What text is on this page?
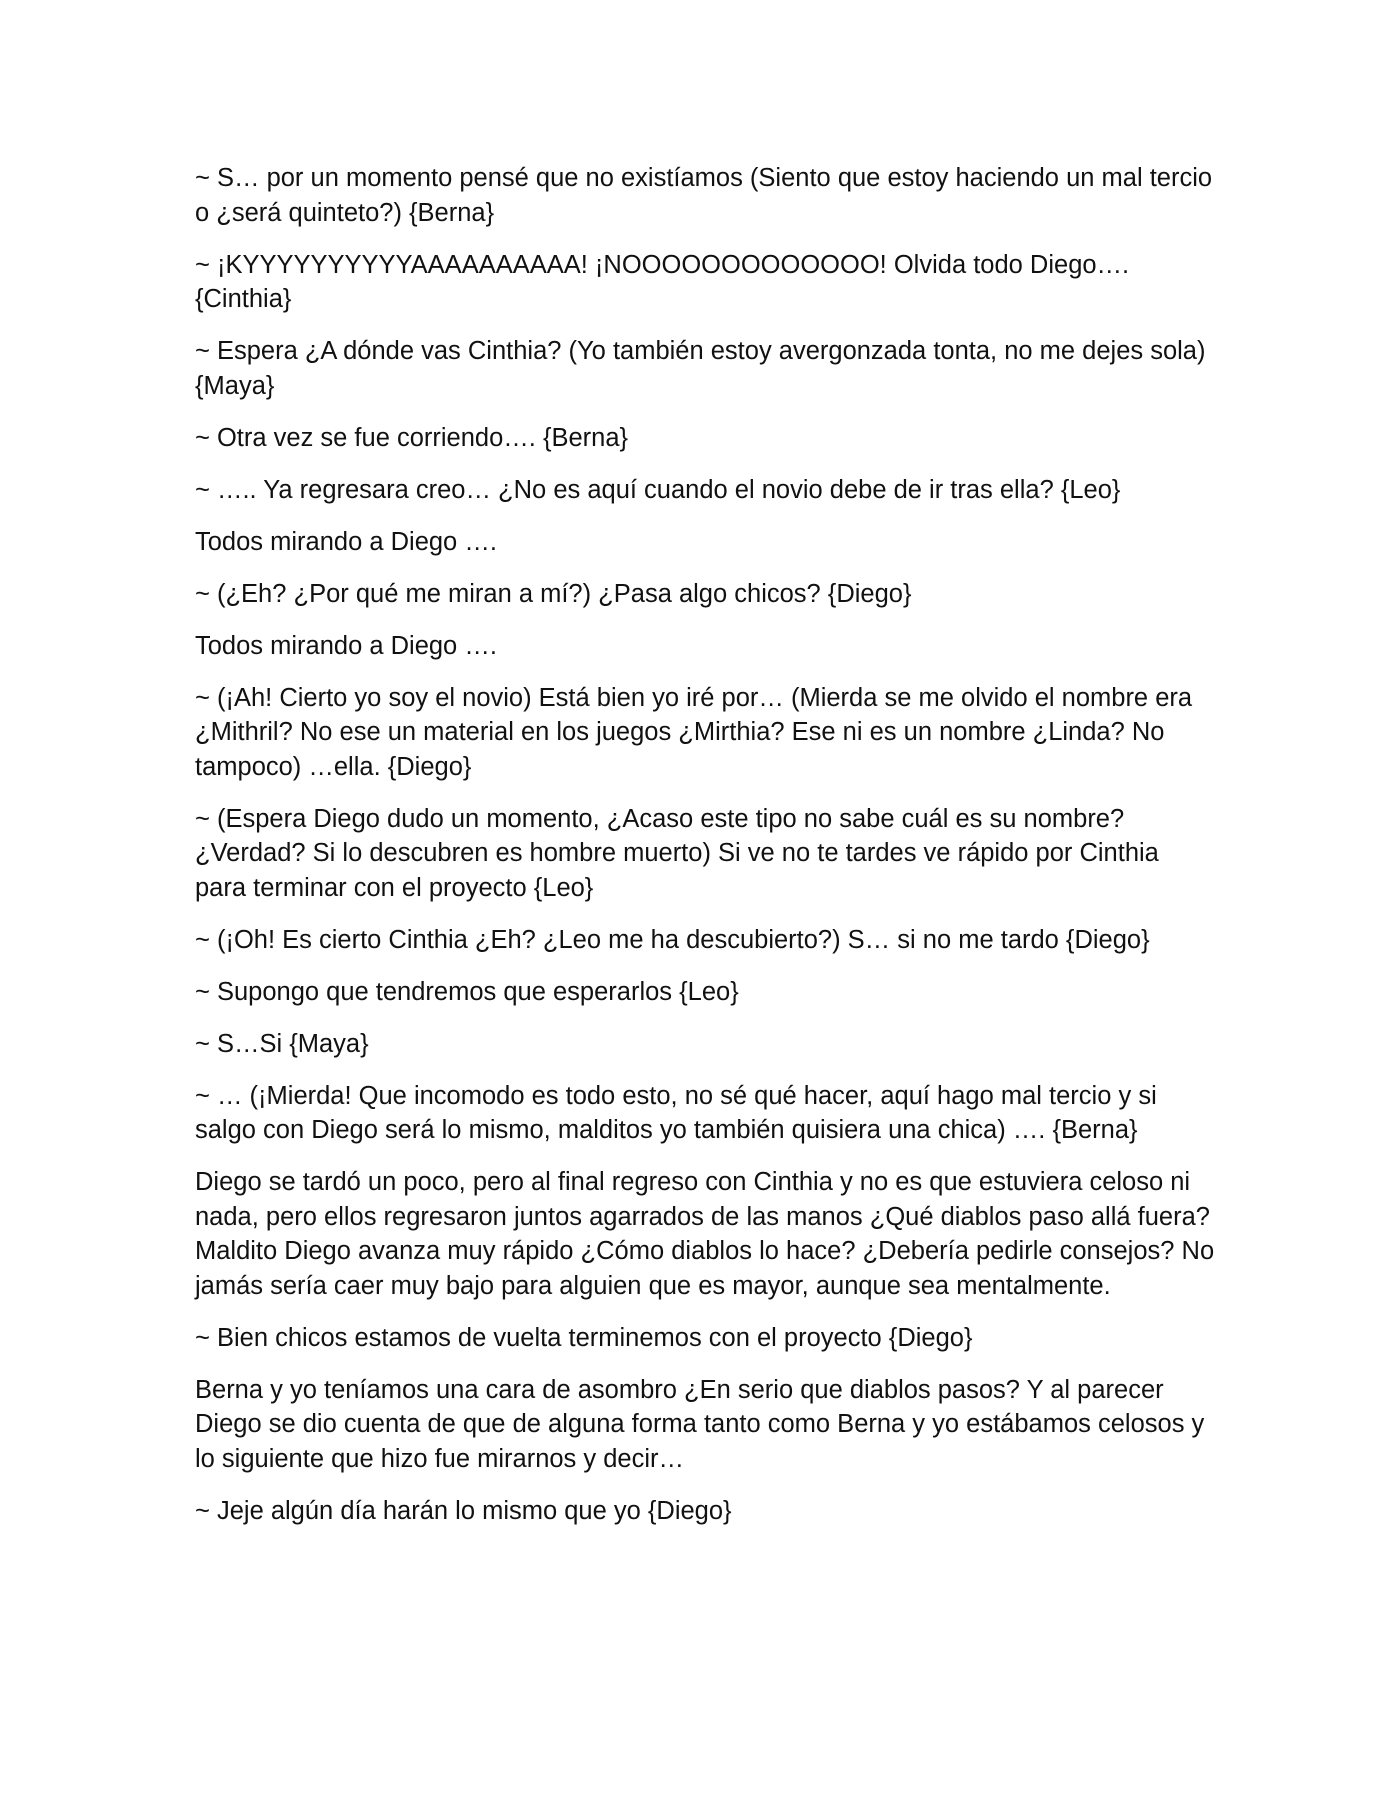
~ S… por un momento pensé que no existíamos (Siento que estoy haciendo un mal tercio o ¿será quinteto?) {Berna}

~ ¡KYYYYYYYYYYAAAAAAAAAA! ¡NOOOOOOOOOOOOO! Olvida todo Diego…. {Cinthia}

~ Espera ¿A dónde vas Cinthia? (Yo también estoy avergonzada tonta, no me dejes sola) {Maya}

~ Otra vez se fue corriendo…. {Berna}

~ ….. Ya regresara creo… ¿No es aquí cuando el novio debe de ir tras ella? {Leo}

Todos mirando a Diego ….

~ (¿Eh? ¿Por qué me miran a mí?) ¿Pasa algo chicos? {Diego}

Todos mirando a Diego ….

~ (¡Ah! Cierto yo soy el novio) Está bien yo iré por… (Mierda se me olvido el nombre era ¿Mithril? No ese un material en los juegos ¿Mirthia? Ese ni es un nombre ¿Linda? No tampoco) …ella. {Diego}

~ (Espera Diego dudo un momento, ¿Acaso este tipo no sabe cuál es su nombre? ¿Verdad? Si lo descubren es hombre muerto) Si ve no te tardes ve rápido por Cinthia para terminar con el proyecto {Leo}

~ (¡Oh! Es cierto Cinthia ¿Eh? ¿Leo me ha descubierto?) S… si no me tardo {Diego}

~ Supongo que tendremos que esperarlos {Leo}

~ S…Si {Maya}

~ … (¡Mierda! Que incomodo es todo esto, no sé qué hacer, aquí hago mal tercio y si salgo con Diego será lo mismo, malditos yo también quisiera una chica) …. {Berna}

Diego se tardó un poco, pero al final regreso con Cinthia y no es que estuviera celoso ni nada, pero ellos regresaron juntos agarrados de las manos ¿Qué diablos paso allá fuera? Maldito Diego avanza muy rápido ¿Cómo diablos lo hace? ¿Debería pedirle consejos? No jamás sería caer muy bajo para alguien que es mayor, aunque sea mentalmente.

~ Bien chicos estamos de vuelta terminemos con el proyecto {Diego}

Berna y yo teníamos una cara de asombro ¿En serio que diablos pasos? Y al parecer Diego se dio cuenta de que de alguna forma tanto como Berna y yo estábamos celosos y lo siguiente que hizo fue mirarnos y decir…

~ Jeje algún día harán lo mismo que yo {Diego}
